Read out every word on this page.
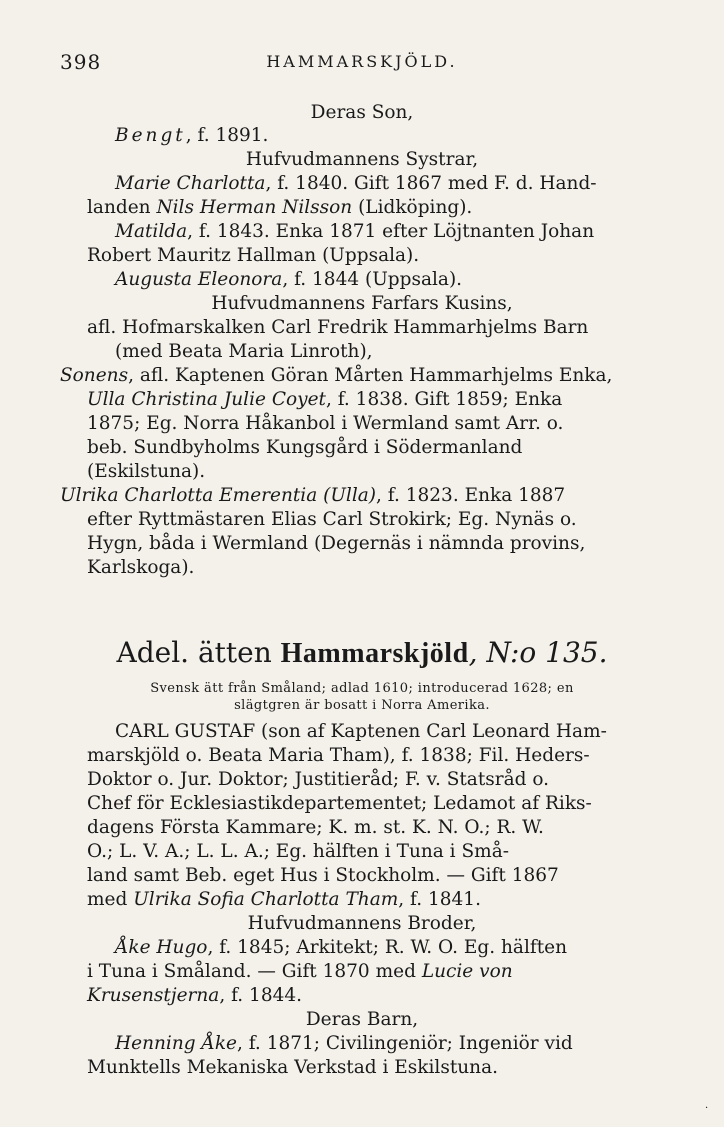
398	HAMMARSKJÖLD.
Deras Son,
Bengt, f. 1891.
Hufvudmannens Systrar,
Marie Charlotta, f. 1840. Gift 1867 med F. d. Hand-
landen Nils Herman Nilsson (Lidköping).
Matilda, f. 1843. Enka 1871 efter Löjtnanten Johan
Robert Mauritz Hallman (Uppsala).
Augusta Eleonora, f. 1844 (Uppsala).
Hufvudmannens Farfars Kusins,
afl. Hofmarskalken Carl Fredrik Hammarhjelms Barn
(med Beata Maria Linroth),
Sonens, afl. Kaptenen Göran Mårten Hammarhjelms Enka,
Ulla Christina Julie Coyet, f. 1838. Gift 1859; Enka
1875; Eg. Norra Håkanbol i Wermland samt Arr. o.
beb. Sundbyholms Kungsgård i Södermanland
(Eskilstuna).
Ulrika Charlotta Emerentia (Ulla), f. 1823. Enka 1887
efter Ryttmästaren Elias Carl Strokirk; Eg. Nynäs o.
Hygn, båda i Wermland (Degernäs i nämnda provins,
Karlskoga).
Adel. ätten Hammarskjöld, N:o 135.
Svensk ätt från Småland; adlad 1610; introducerad 1628; en
slägtgren är bosatt i Norra Amerika.
CARL GUSTAF (son af Kaptenen Carl Leonard Ham-
marskjöld o. Beata Maria Tham), f. 1838; Fil. Heders-
Doktor o. Jur. Doktor; Justitieråd; F. v. Statsråd o.
Chef för Ecklesiastikdepartementet; Ledamot af Riks-
dagens Första Kammare; K. m. st. K. N. O.; R. W.
O.; L. V. A.; L. L. A.; Eg. hälften i Tuna i Små-
land samt Beb. eget Hus i Stockholm. — Gift 1867
med Ulrika Sofia Charlotta Tham, f. 1841.
Hufvudmannens Broder,
Åke Hugo, f. 1845; Arkitekt; R. W. O. Eg. hälften
i Tuna i Småland. — Gift 1870 med Lucie von
Krusenstjerna, f. 1844.
Deras Barn,
Henning Åke, f. 1871; Civilingeniör; Ingeniör vid
Munktells Mekaniska Verkstad i Eskilstuna.
·
